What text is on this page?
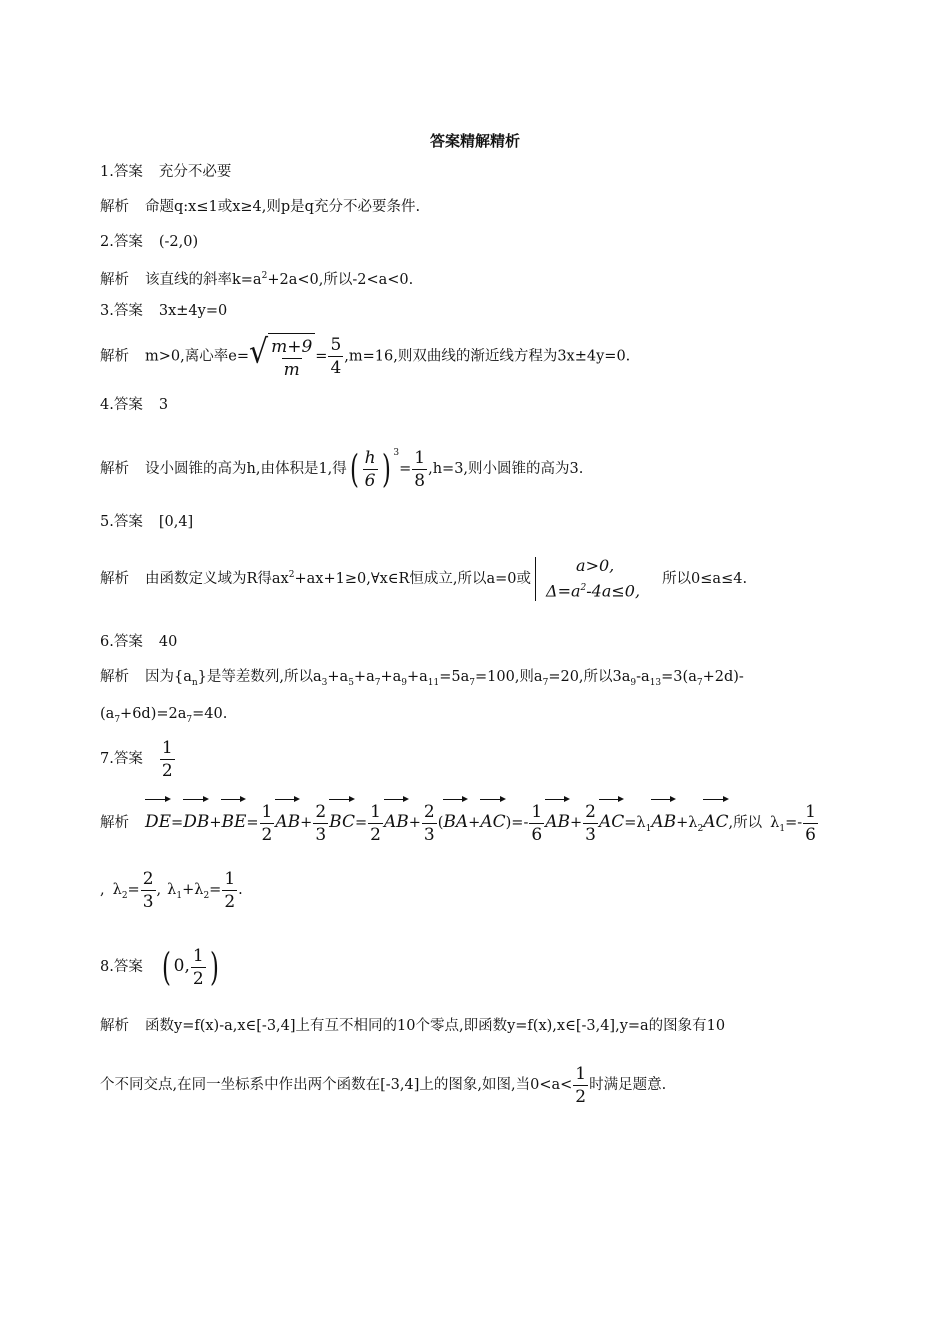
答案精解精析
1.答案 充分不必要
解析 命题q:x≤1或x≥4,则p是q充分不必要条件.
2.答案 (-2,0)
解析 该直线的斜率$k=a^2+2a<0$,所以-2<a<0.
3.答案 3x±4y=0
解析 m>0,离心率e= √ $\frac{m+9}{m} = \frac{5}{4} ,m=16$,则双曲线的渐近线方程为3x±4y=0.
4.答案 3
解析 设小圆锥的高为h,由体积是1,得( $\frac{h}{6}$ ) $^3= \frac{1}{8} ,h=3$,则小圆锥的高为3.
5.答案 [0,4]
解析 由函数定义域为R得$ax^2+ax+1\ge 0,\forall x\in R$恒成立,所以a=0或
a>0,
$\Delta=a^2-4a\le 0$,
所以0≤a≤4.
6.答案 40
解析 因为$\{a_n\}$是等差数列,所以$a_3+a_5+a_7+a_9+a_{11}=5a_7=100$,则$a_7=20$,所以$3a_9-a_{13}=3(a_7+2d)-$
$(a_7+6d)=2a_7=40$.
7.答案 $\frac{1}{2}$
解析 $DE=DB+BE= \frac{1}{2} AB+ \frac{2}{3} BC= \frac{1}{2} AB+ \frac{2}{3} (BA+AC)=- \frac{1}{6} AB+ \frac{2}{3} AC=\lambda_1AB+\lambda_2AC$,所以 $\lambda_1=- \frac{1}{6}$
, $\lambda_2= \frac{2}{3}$ , $\lambda_1+\lambda_2= \frac{1}{2}$ .
8.答案 ( 0, $\frac{1}{2}$ )
解析 函数y=f(x)-a,x∈[-3,4]上有互不相同的10个零点,即函数y=f(x),x∈[-3,4],y=a的图象有10
个不同交点,在同一坐标系中作出两个函数在[-3,4]上的图象,如图,当$0<a< \frac{1}{2}$ 时满足题意.
